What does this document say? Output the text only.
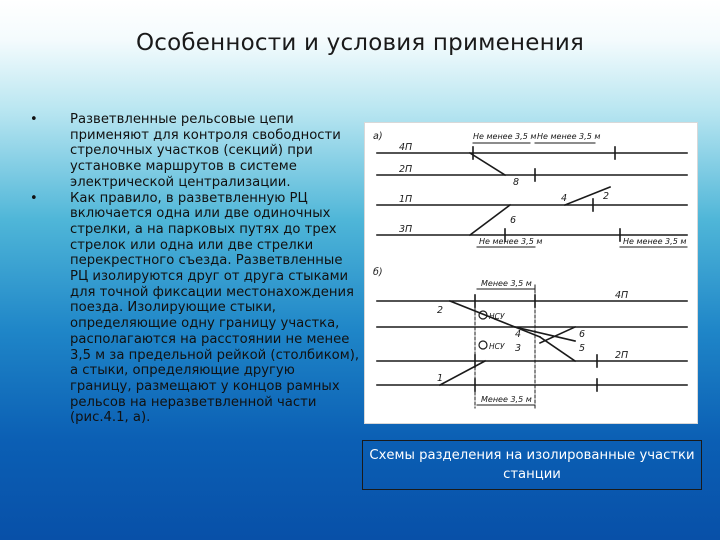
Особенности и условия применения
• Разветвленные рельсовые цепи применяют для контроля свободности стрелочных участков (секций) при установке маршрутов в системе электрической централизации.
• Как правило, в разветвленную РЦ включается одна или две одиночных стрелки, а на парковых путях до трех стрелок или одна или две стрелки перекрестного съезда. Разветвленные РЦ изолируются друг от друга стыками для точной фиксации местонахождения поезда. Изолирующие стыки, определяющие одну границу участка, располагаются на расстоянии не менее 3,5 м за предельной рейкой (столбиком), а стыки, определяющие другую границу, размещают у концов рамных рельсов на неразветвленной части (рис.4.1, а).
а)	Не менее 3,5 м Не менее 3,5 м
4П
2П
1П
3П
8
4	2
6
Не менее 3,5 м	Не менее 3,5 м
б)
Менее 3,5 м
4П
2П
2
4
3
6
5
1
НСУ
НСУ
Менее 3,5 м
Схемы разделения на изолированные участки станции
